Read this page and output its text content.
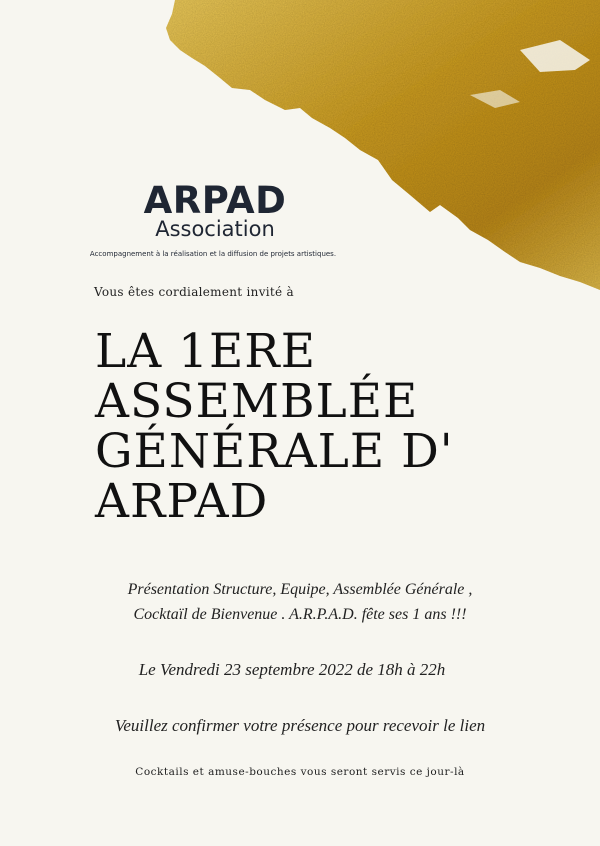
ARPAD
Association
Accompagnement à la réalisation et la diffusion de projets artistiques.
Vous êtes cordialement invité à
LA 1ERE
ASSEMBLÉE
GÉNÉRALE D'
ARPAD
Présentation Structure, Equipe, Assemblée Générale ,
Cocktaïl de Bienvenue . A.R.P.A.D. fête ses 1 ans !!!
Le Vendredi 23 septembre 2022 de 18h à 22h
Veuillez confirmer votre présence pour recevoir le lien
Cocktails et amuse-bouches vous seront servis ce jour-là
